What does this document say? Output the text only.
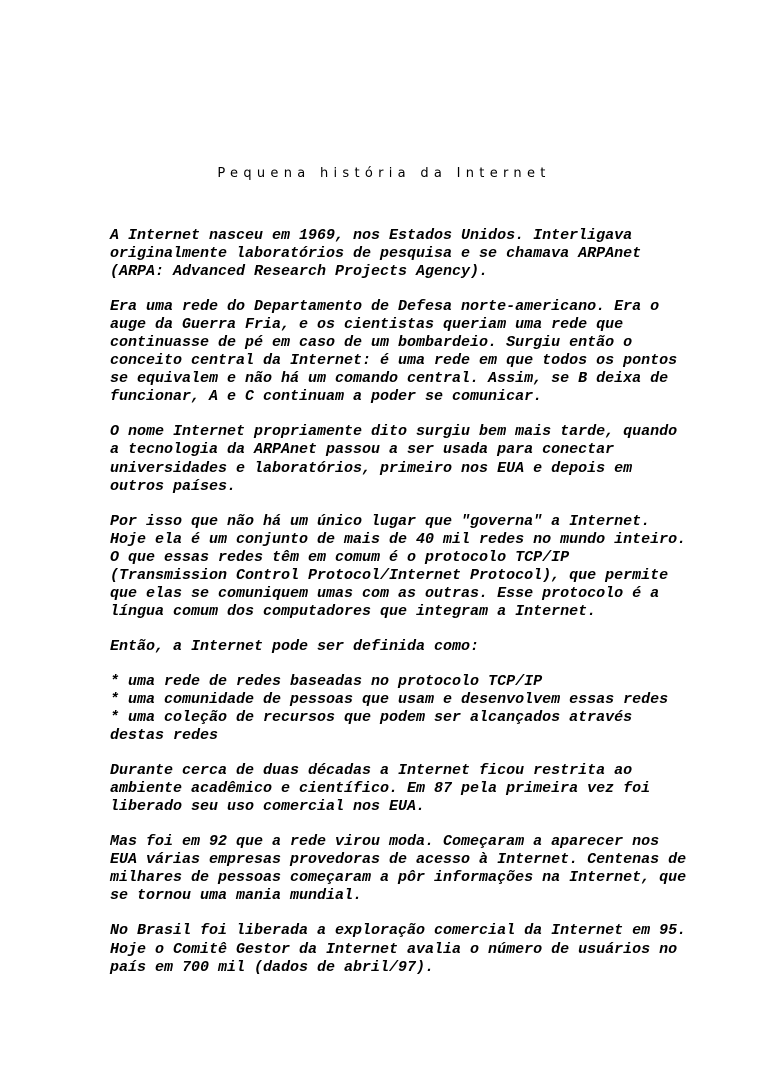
Pequena história da Internet
A Internet nasceu em 1969, nos Estados Unidos. Interligava
originalmente laboratórios de pesquisa e se chamava ARPAnet
(ARPA: Advanced Research Projects Agency).
Era uma rede do Departamento de Defesa norte-americano. Era o
auge da Guerra Fria, e os cientistas queriam uma rede que
continuasse de pé em caso de um bombardeio. Surgiu então o
conceito central da Internet: é uma rede em que todos os pontos
se equivalem e não há um comando central. Assim, se B deixa de
funcionar, A e C continuam a poder se comunicar.
O nome Internet propriamente dito surgiu bem mais tarde, quando
a tecnologia da ARPAnet passou a ser usada para conectar
universidades e laboratórios, primeiro nos EUA e depois em
outros países.
Por isso que não há um único lugar que "governa" a Internet.
Hoje ela é um conjunto de mais de 40 mil redes no mundo inteiro.
O que essas redes têm em comum é o protocolo TCP/IP
(Transmission Control Protocol/Internet Protocol), que permite
que elas se comuniquem umas com as outras. Esse protocolo é a
língua comum dos computadores que integram a Internet.
Então, a Internet pode ser definida como:
* uma rede de redes baseadas no protocolo TCP/IP
* uma comunidade de pessoas que usam e desenvolvem essas redes
* uma coleção de recursos que podem ser alcançados através
destas redes
Durante cerca de duas décadas a Internet ficou restrita ao
ambiente acadêmico e científico. Em 87 pela primeira vez foi
liberado seu uso comercial nos EUA.
Mas foi em 92 que a rede virou moda. Começaram a aparecer nos
EUA várias empresas provedoras de acesso à Internet. Centenas de
milhares de pessoas começaram a pôr informações na Internet, que
se tornou uma mania mundial.
No Brasil foi liberada a exploração comercial da Internet em 95.
Hoje o Comitê Gestor da Internet avalia o número de usuários no
país em 700 mil (dados de abril/97).
